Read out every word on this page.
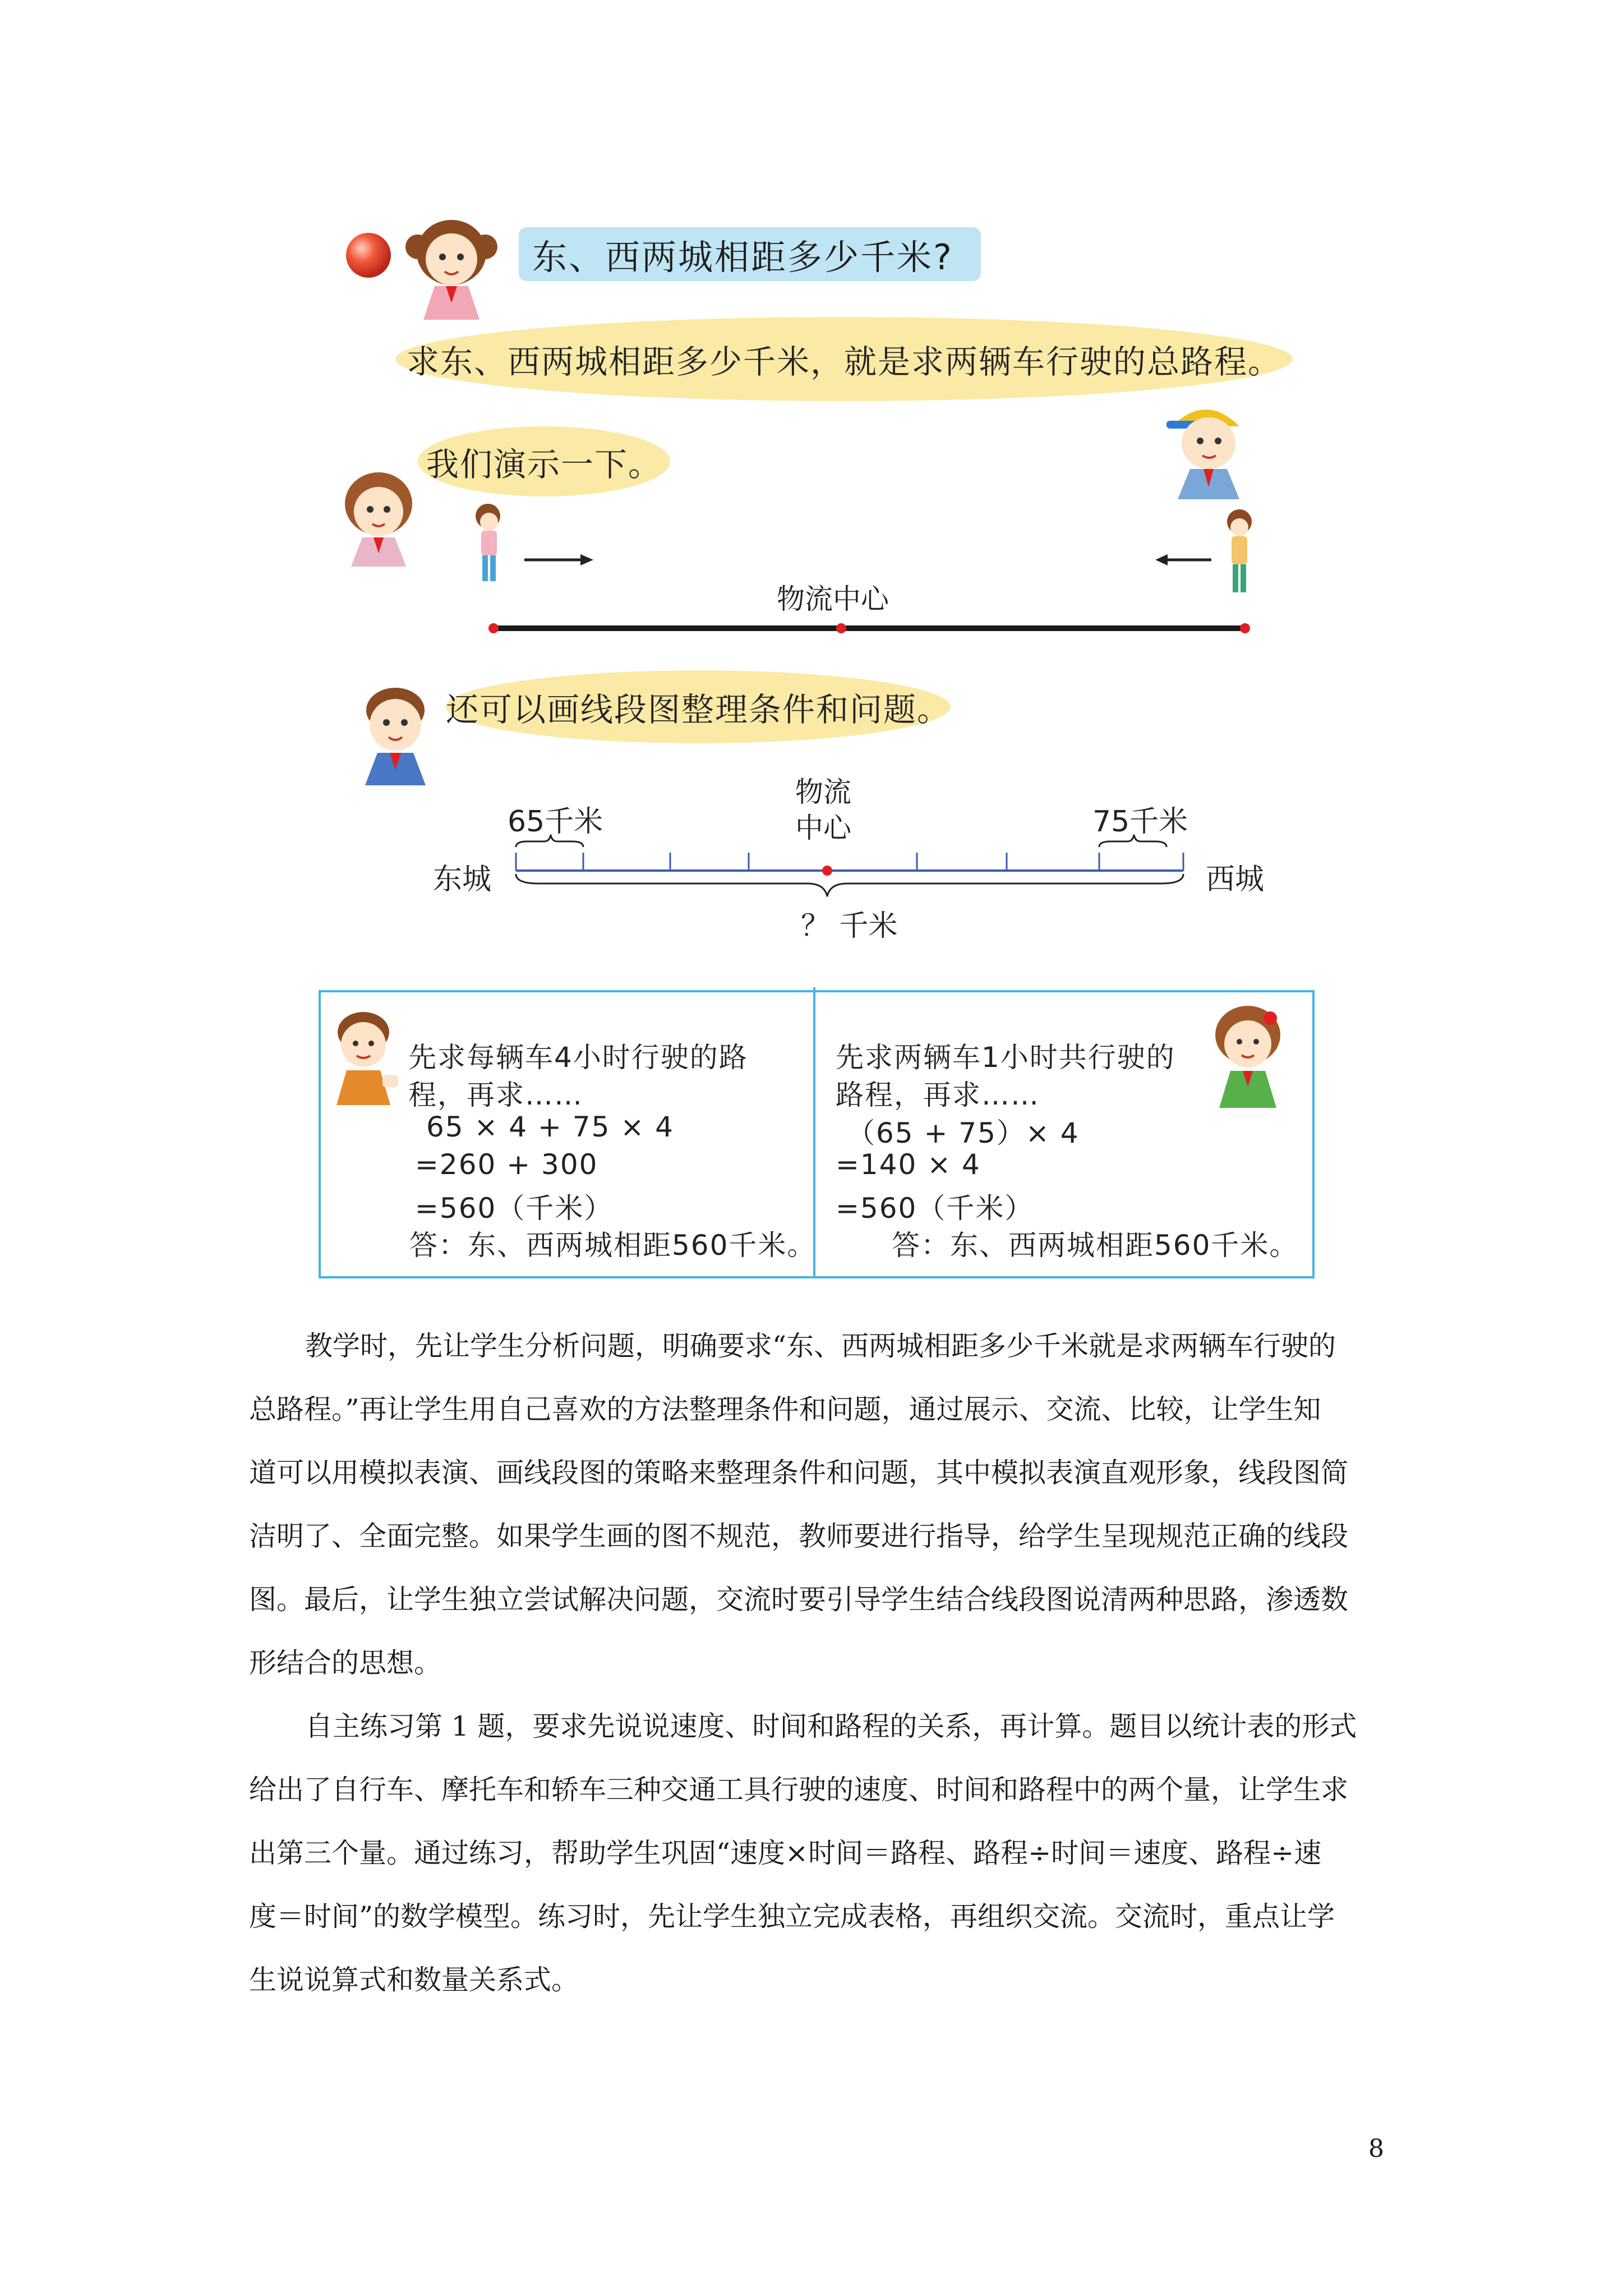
东、西两城相距多少千米?
求东、西两城相距多少千米，就是求两辆车行驶的总路程。
我们演示一下。
物流中心
还可以画线段图整理条件和问题。
物流
中心
65千米	75千米
东城	西城
？ 千米
先求每辆车4小时行驶的路
程，再求……
65 × 4 + 75 × 4
=260 + 300
=560（千米）
答：东、西两城相距560千米。
先求两辆车1小时共行驶的
路程，再求……
（65 + 75）× 4
=140 × 4
=560（千米）
答：东、西两城相距560千米。
教学时，先让学生分析问题，明确要求“东、西两城相距多少千米就是求两辆车行驶的
总路程。”再让学生用自己喜欢的方法整理条件和问题，通过展示、交流、比较，让学生知
道可以用模拟表演、画线段图的策略来整理条件和问题，其中模拟表演直观形象，线段图简
洁明了、全面完整。如果学生画的图不规范，教师要进行指导，给学生呈现规范正确的线段
图。最后，让学生独立尝试解决问题，交流时要引导学生结合线段图说清两种思路，渗透数
形结合的思想。
自主练习第 1 题，要求先说说速度、时间和路程的关系，再计算。题目以统计表的形式
给出了自行车、摩托车和轿车三种交通工具行驶的速度、时间和路程中的两个量，让学生求
出第三个量。通过练习，帮助学生巩固“速度×时间＝路程、路程÷时间＝速度、路程÷速
度＝时间”的数学模型。练习时，先让学生独立完成表格，再组织交流。交流时，重点让学
生说说算式和数量关系式。
8
